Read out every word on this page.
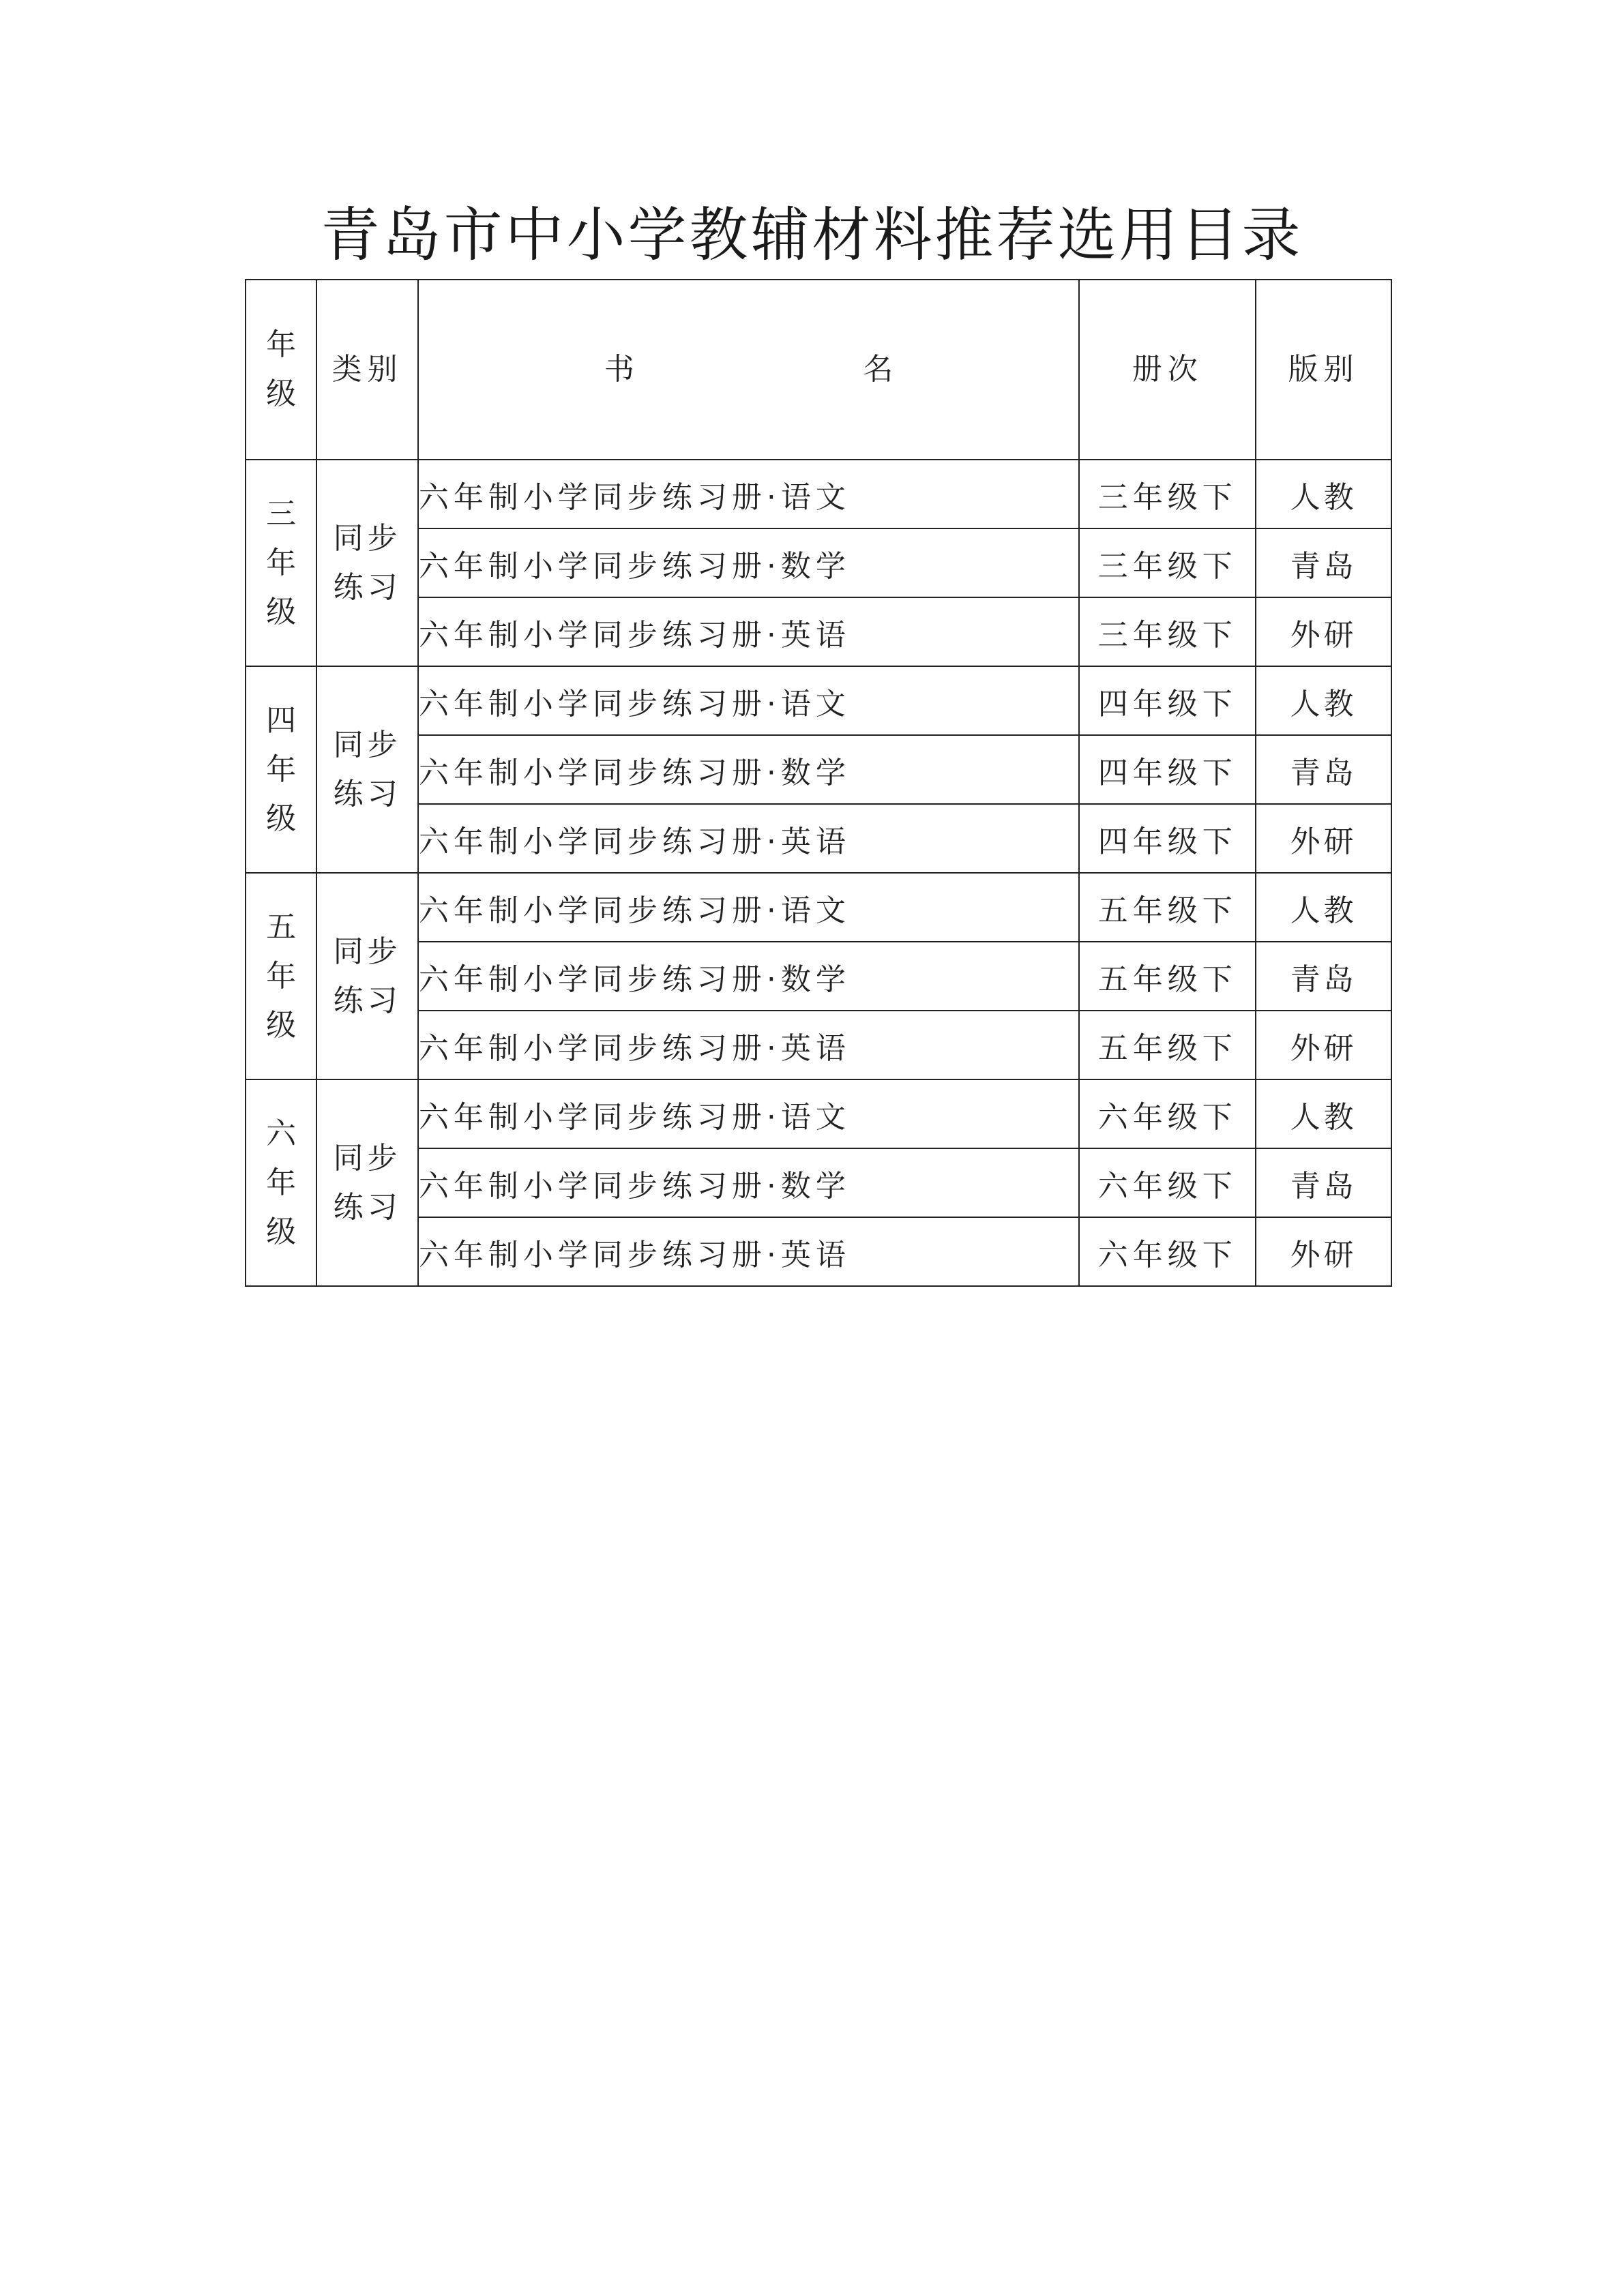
青岛市中小学教辅材料推荐选用目录
年
级	类别	书 名	册次	版别

三
年
级	同步
练习	六年制小学同步练习册·语文	三年级下	人教
		六年制小学同步练习册·数学	三年级下	青岛
		六年制小学同步练习册·英语	三年级下	外研

四
年
级	同步
练习	六年制小学同步练习册·语文	四年级下	人教
		六年制小学同步练习册·数学	四年级下	青岛
		六年制小学同步练习册·英语	四年级下	外研

五
年
级	同步
练习	六年制小学同步练习册·语文	五年级下	人教
		六年制小学同步练习册·数学	五年级下	青岛
		六年制小学同步练习册·英语	五年级下	外研

六
年
级	同步
练习	六年制小学同步练习册·语文	六年级下	人教
		六年制小学同步练习册·数学	六年级下	青岛
		六年制小学同步练习册·英语	六年级下	外研
